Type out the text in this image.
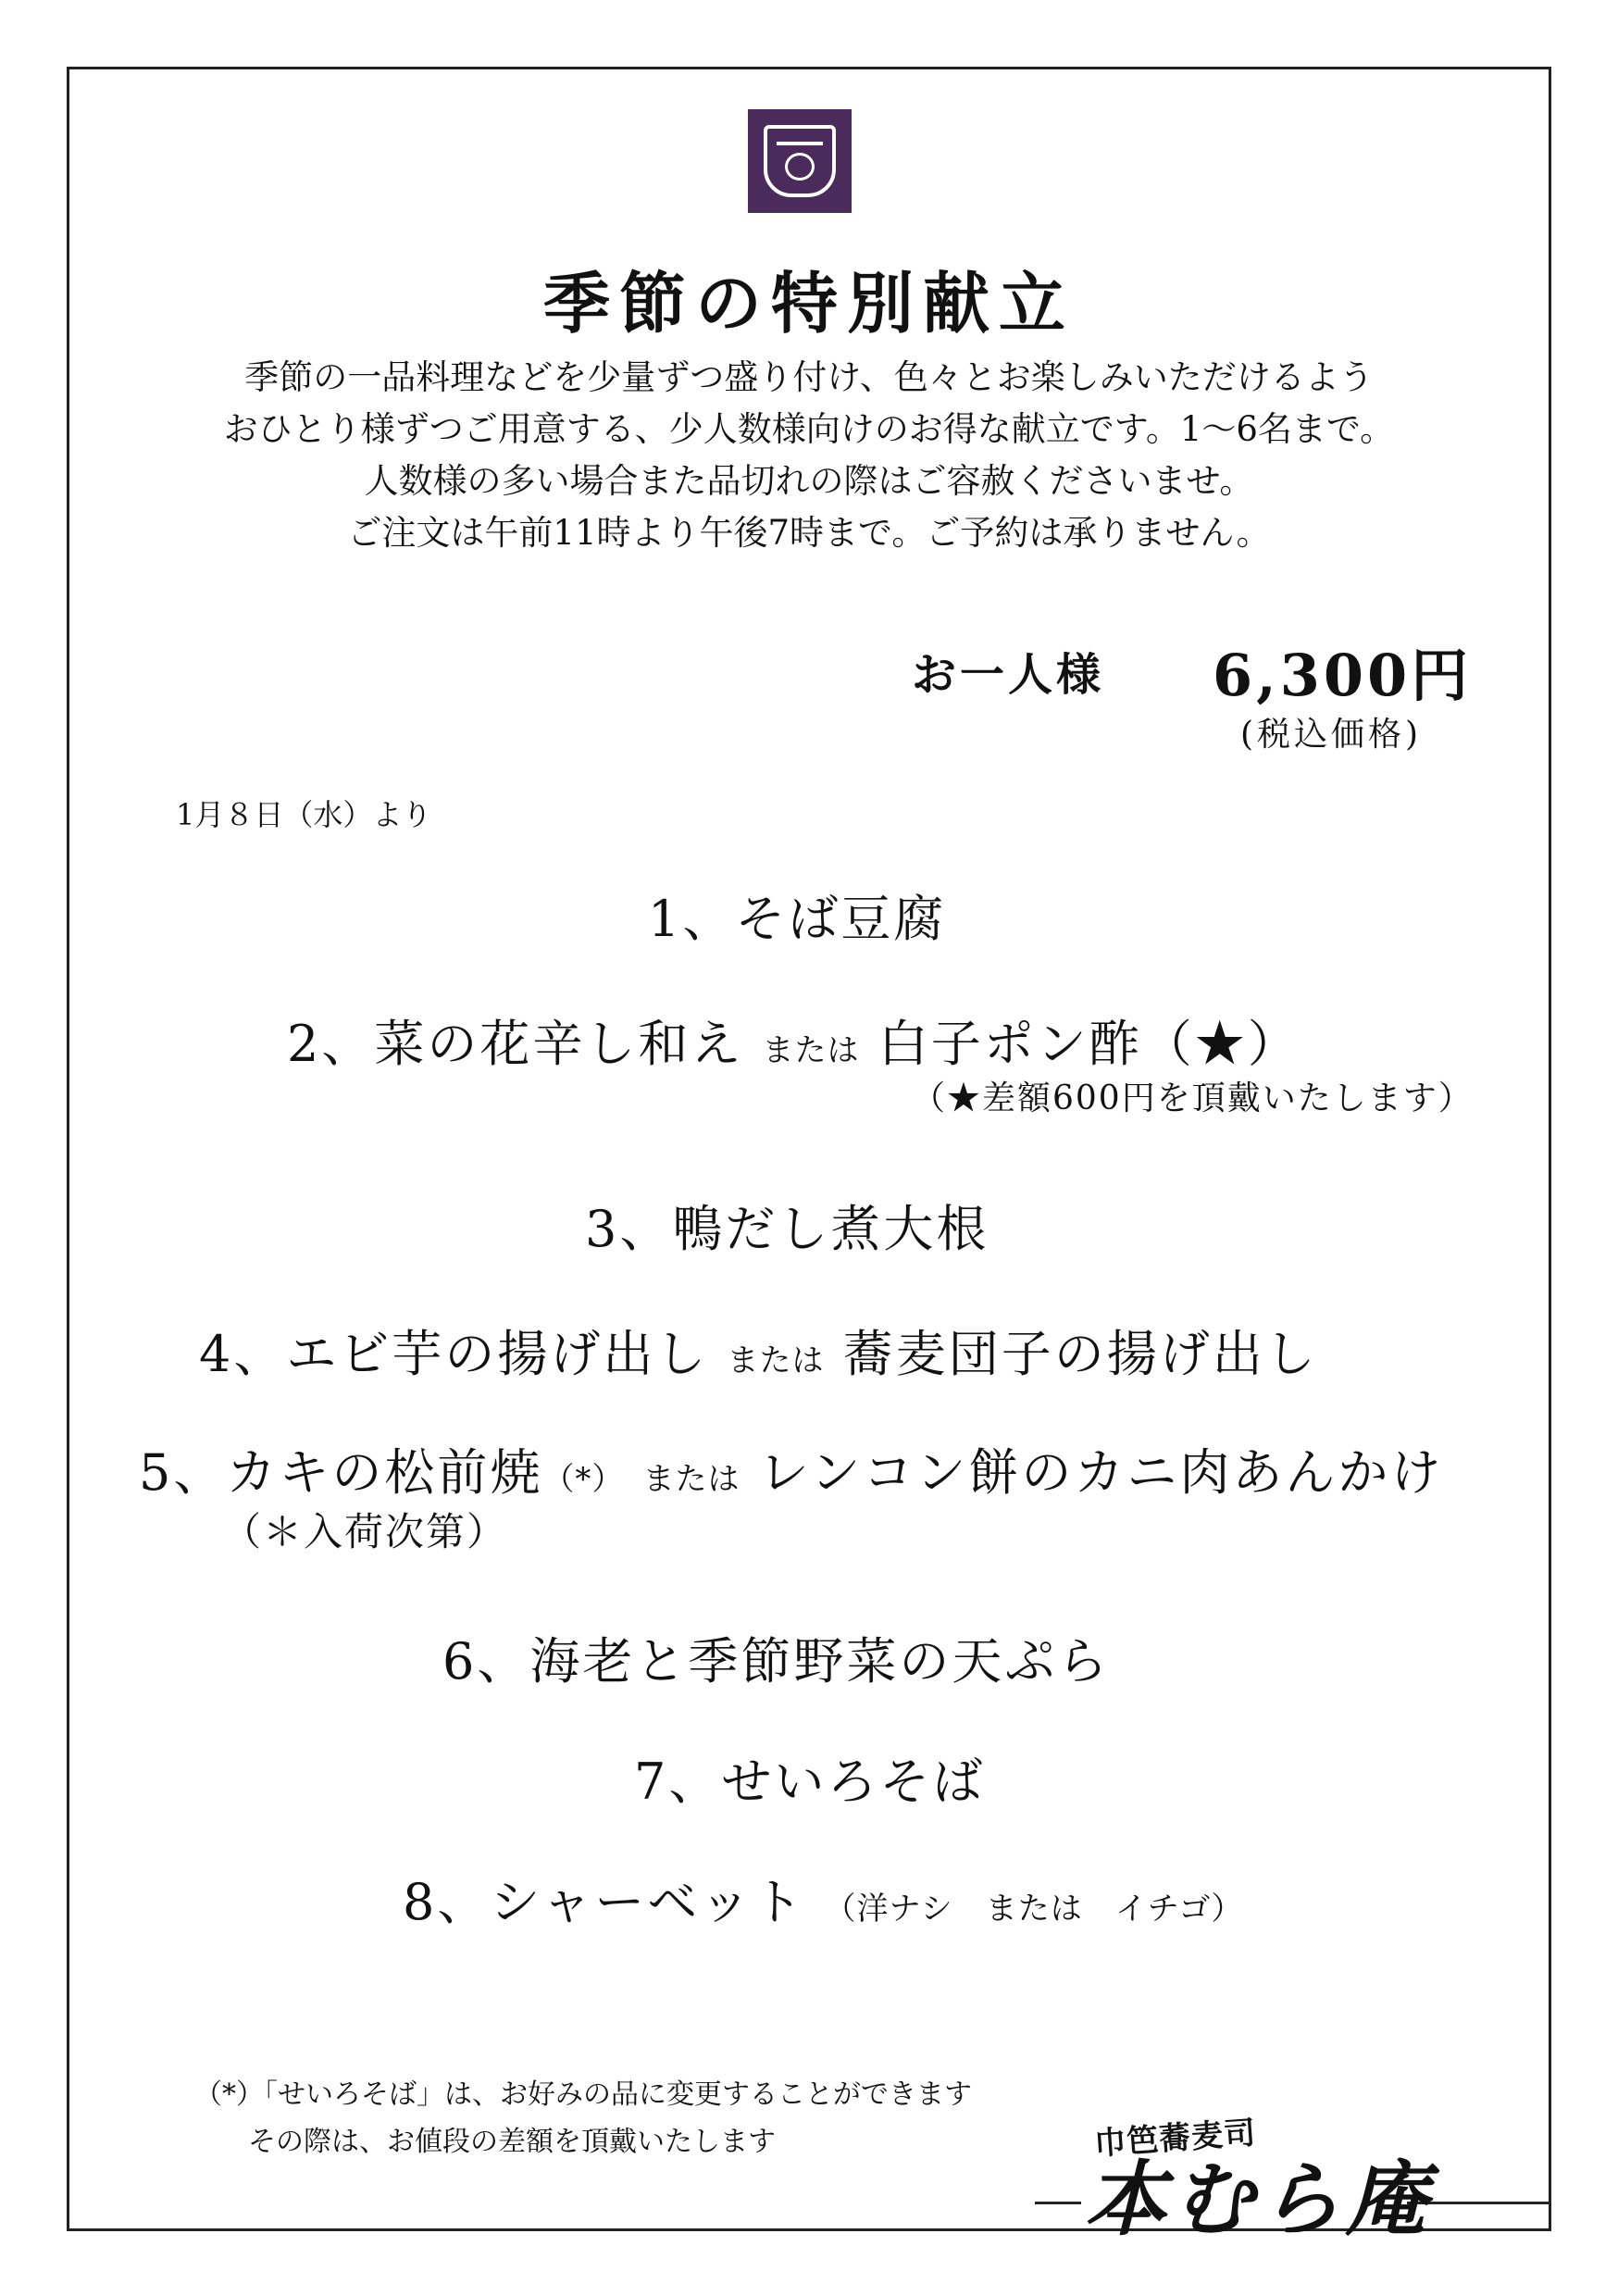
季節の特別献立
季節の一品料理などを少量ずつ盛り付け、色々とお楽しみいただけるよう
おひとり様ずつご用意する、少人数様向けのお得な献立です。1〜6名まで。
人数様の多い場合また品切れの際はご容赦くださいませ。
ご注文は午前11時より午後7時まで。ご予約は承りません。
お一人様 6,300円
(税込価格)
1月８日（水）より
1、そば豆腐
2、菜の花辛し和え または 白子ポン酢（★）
（★差額600円を頂戴いたします）
3、鴨だし煮大根
4、エビ芋の揚げ出し または 蕎麦団子の揚げ出し
5、カキの松前焼（*） または レンコン餅のカニ肉あんかけ
（＊入荷次第）
6、海老と季節野菜の天ぷら
7、せいろそば
8、シャーベット （洋ナシ　または　イチゴ）
（*）「せいろそば」は、お好みの品に変更することができます
その際は、お値段の差額を頂戴いたします	巾笆蕎麦司
本むら庵
